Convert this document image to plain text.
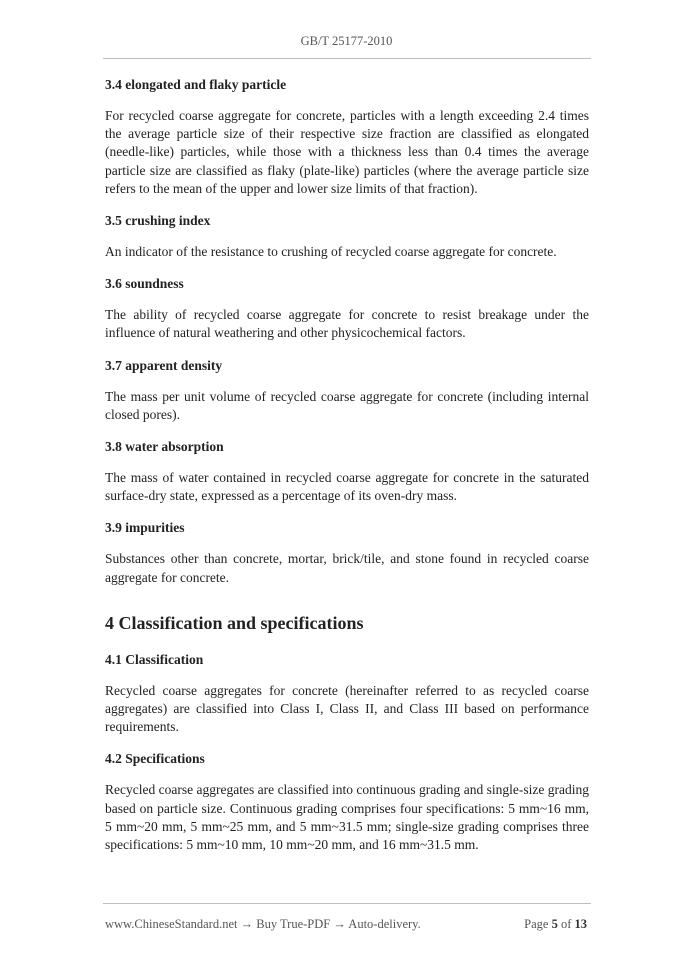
GB/T 25177-2010
3.4 elongated and flaky particle
For recycled coarse aggregate for concrete, particles with a length exceeding 2.4 times the average particle size of their respective size fraction are classified as elongated (needle-like) particles, while those with a thickness less than 0.4 times the average particle size are classified as flaky (plate-like) particles (where the average particle size refers to the mean of the upper and lower size limits of that fraction).
3.5 crushing index
An indicator of the resistance to crushing of recycled coarse aggregate for concrete.
3.6 soundness
The ability of recycled coarse aggregate for concrete to resist breakage under the influence of natural weathering and other physicochemical factors.
3.7 apparent density
The mass per unit volume of recycled coarse aggregate for concrete (including internal closed pores).
3.8 water absorption
The mass of water contained in recycled coarse aggregate for concrete in the saturated surface-dry state, expressed as a percentage of its oven-dry mass.
3.9 impurities
Substances other than concrete, mortar, brick/tile, and stone found in recycled coarse aggregate for concrete.
4 Classification and specifications
4.1 Classification
Recycled coarse aggregates for concrete (hereinafter referred to as recycled coarse aggregates) are classified into Class I, Class II, and Class III based on performance requirements.
4.2 Specifications
Recycled coarse aggregates are classified into continuous grading and single-size grading based on particle size. Continuous grading comprises four specifications: 5 mm~16 mm, 5 mm~20 mm, 5 mm~25 mm, and 5 mm~31.5 mm; single-size grading comprises three specifications: 5 mm~10 mm, 10 mm~20 mm, and 16 mm~31.5 mm.
www.ChineseStandard.net → Buy True-PDF → Auto-delivery.	Page 5 of 13
